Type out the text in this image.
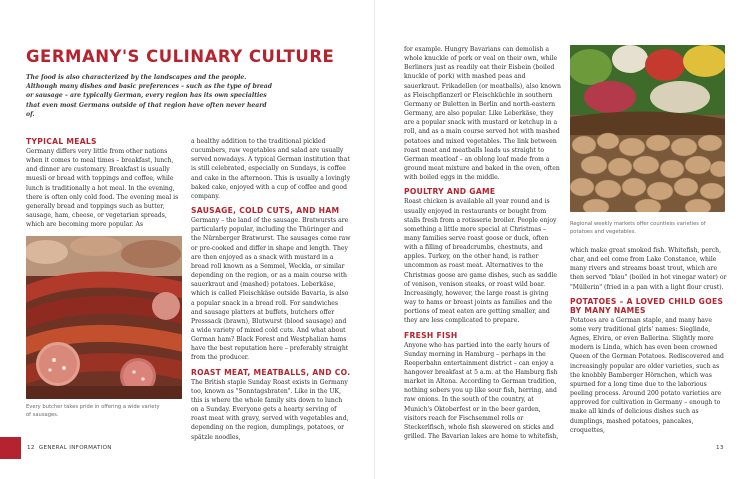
GERMANY'S CULINARY CULTURE
The food is also characterized by the landscapes and the people. Although many dishes and basic preferences – such as the type of bread or sausage – are typically German, every region has its own specialties that even most Germans outside of that region have often never heard of.
TYPICAL MEALS

Germany differs very little from other nations when it comes to meal times – breakfast, lunch, and dinner are customary. Breakfast is usually muesli or bread with toppings and coffee, while lunch is traditionally a hot meal. In the evening, there is often only cold food. The evening meal is generally bread and toppings such as butter, sausage, ham, cheese, or vegetarian spreads, which are becoming more popular. As

Every butcher takes pride in offering a wide variety of sausages.

a healthy addition to the traditional pickled cucumbers, raw vegetables and salad are usually served nowadays. A typical German institution that is still celebrated, especially on Sundays, is coffee and cake in the afternoon. This is usually a lovingly baked cake, enjoyed with a cup of coffee and good company.

SAUSAGE, COLD CUTS, AND HAM

Germany – the land of the sausage. Bratwursts are particularly popular, including the Thüringer and the Nürnberger Bratwurst. The sausages come raw or pre-cooked and differ in shape and length. They are then enjoyed as a snack with mustard in a bread roll known as a Semmel, Weckla, or similar depending on the region, or as a main course with sauerkraut and (mashed) potatoes. Leberkäse, which is called Fleischkäse outside Bavaria, is also a popular snack in a bread roll. For sandwiches and sausage platters at buffets, butchers offer Presssack (brawn), Blutwurst (blood sausage) and a wide variety of mixed cold cuts. And what about German ham? Black Forest and Westphalian hams have the best reputation here – preferably straight from the producer.

ROAST MEAT, MEATBALLS, AND CO.

The British staple Sunday Roast exists in Germany too, known as "Sonntagsbraten". Like in the UK, this is where the whole family sits down to lunch on a Sunday. Everyone gets a hearty serving of roast meat with gravy, served with vegetables and, depending on the region, dumplings, potatoes, or spätzle noodles,

for example. Hungry Bavarians can demolish a whole knuckle of pork or veal on their own, while Berliners just as readily eat their Eisbein (boiled knuckle of pork) with mashed peas and sauerkraut. Frikadellen (or meatballs), also known as Fleischpflanzerl or Fleischküchle in southern Germany or Buletten in Berlin and north-eastern Germany, are also popular. Like Leberkäse, they are a popular snack with mustard or ketchup in a roll, and as a main course served hot with mashed potatoes and mixed vegetables. The link between roast meat and meatballs leads us straight to German meatloaf – an oblong loaf made from a ground meat mixture and baked in the oven, often with boiled eggs in the middle.

POULTRY AND GAME

Roast chicken is available all year round and is usually enjoyed in restaurants or bought from stalls fresh from a rotisserie broiler. People enjoy something a little more special at Christmas – many families serve roast goose or duck, often with a filling of breadcrumbs, chestnuts, and apples. Turkey, on the other hand, is rather uncommon as roast meat. Alternatives to the Christmas goose are game dishes, such as saddle of venison, venison steaks, or roast wild boar. Increasingly, however, the large roast is giving way to hams or breast joints as families and the portions of meat eaten are getting smaller, and they are less complicated to prepare.

FRESH FISH

Anyone who has partied into the early hours of Sunday morning in Hamburg – perhaps in the Reeperbahn entertainment district – can enjoy a hangover breakfast at 5 a.m. at the Hamburg fish market in Altona. According to German tradition, nothing sobers you up like sour fish, herring, and raw onions. In the south of the country, at Munich's Oktoberfest or in the beer garden, visitors reach for Fischsemmel rolls or Steckerlfisch, whole fish skewered on sticks and grilled. The Bavarian lakes are home to whitefish,

Regional weekly markets offer countless varieties of potatoes and vegetables.

which make great smoked fish. Whitefish, perch, char, and eel come from Lake Constance, while many rivers and streams boast trout, which are then served "blau" (boiled in hot vinegar water) or "Müllerin" (fried in a pan with a light flour crust).

POTATOES – A LOVED CHILD GOES BY MANY NAMES

Potatoes are a German staple, and many have some very traditional girls' names: Sieglinde, Agnes, Elvira, or even Ballerina. Slightly more modern is Linda, which has even been crowned Queen of the German Potatoes. Rediscovered and increasingly popular are older varieties, such as the knobbly Bamberger Hörnchen, which was spurned for a long time due to the laborious peeling process. Around 200 potato varieties are approved for cultivation in Germany – enough to make all kinds of delicious dishes such as dumplings, mashed potatoes, pancakes, croquettes,

12  GENERAL INFORMATION	13
